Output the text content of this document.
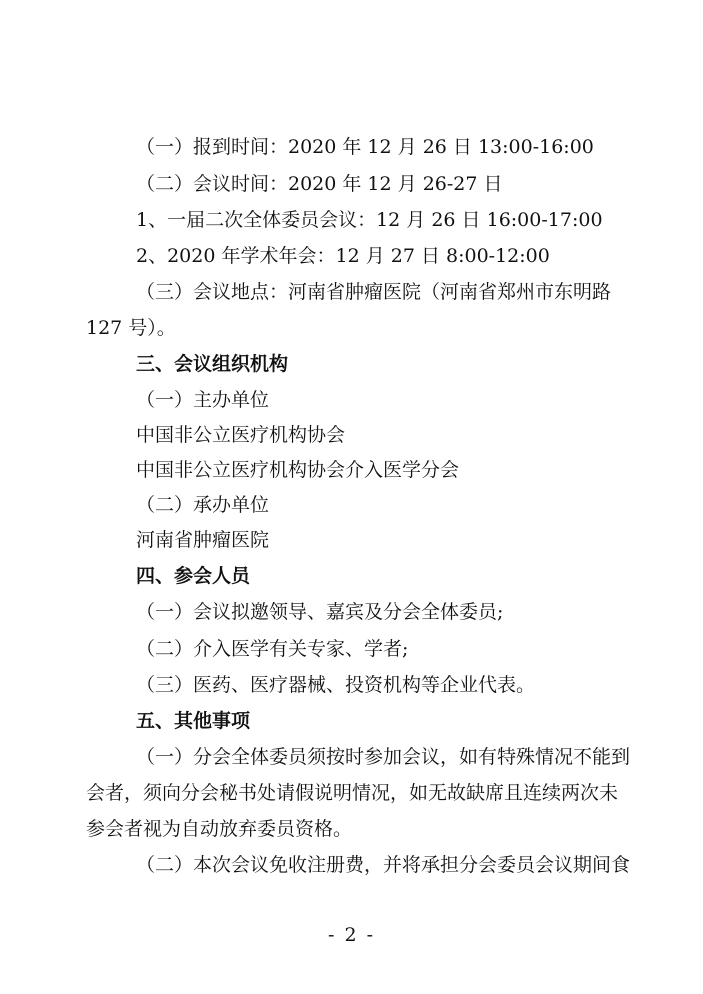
（一）报到时间：2020 年 12 月 26 日 13:00-16:00
（二）会议时间：2020 年 12 月 26-27 日
1、一届二次全体委员会议：12 月 26 日 16:00-17:00
2、2020 年学术年会：12 月 27 日 8:00-12:00
（三）会议地点：河南省肿瘤医院（河南省郑州市东明路
127 号）。
三、会议组织机构
（一）主办单位
中国非公立医疗机构协会
中国非公立医疗机构协会介入医学分会
（二）承办单位
河南省肿瘤医院
四、参会人员
（一）会议拟邀领导、嘉宾及分会全体委员;
（二）介入医学有关专家、学者;
（三）医药、医疗器械、投资机构等企业代表。
五、其他事项
（一）分会全体委员须按时参加会议，如有特殊情况不能到
会者，须向分会秘书处请假说明情况，如无故缺席且连续两次未
参会者视为自动放弃委员资格。
（二）本次会议免收注册费，并将承担分会委员会议期间食
- 2 -
